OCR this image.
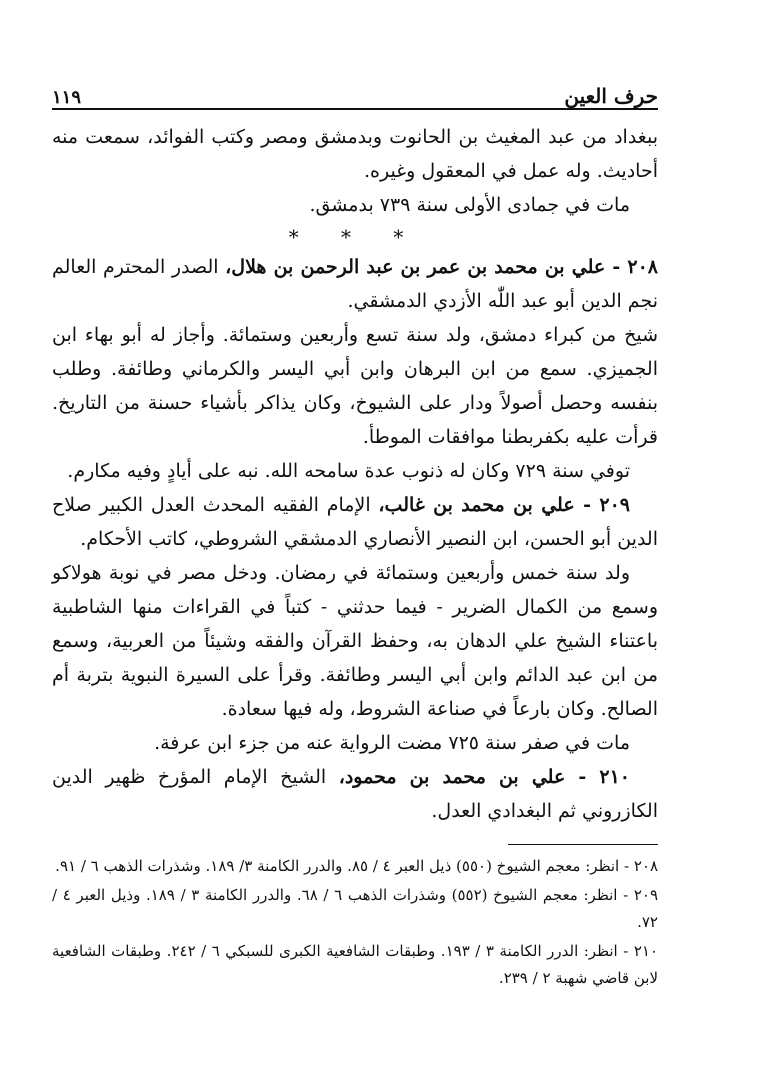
حرف العين
١١٩

ببغداد من عبد المغيث بن الحانوت وبدمشق ومصر وكتب الفوائد، سمعت منه أحاديث. وله عمل في المعقول وغيره.

مات في جمادى الأولى سنة ٧٣٩ بدمشق.

* * *

٢٠٨ - علي بن محمد بن عمر بن عبد الرحمن بن هلال، الصدر المحترم العالم نجم الدين أبو عبد اللّٰه الأزدي الدمشقي.

شيخ من كبراء دمشق، ولد سنة تسع وأربعين وستمائة. وأجاز له أبو بهاء ابن الجميزي. سمع من ابن البرهان وابن أبي اليسر والكرماني وطائفة. وطلب بنفسه وحصل أصولاً ودار على الشيوخ، وكان يذاكر بأشياء حسنة من التاريخ. قرأت عليه بكفربطنا موافقات الموطأ.

توفي سنة ٧٢٩ وكان له ذنوب عدة سامحه الله. نبه على أيادٍ وفيه مكارم.

٢٠٩ - علي بن محمد بن غالب، الإمام الفقيه المحدث العدل الكبير صلاح الدين أبو الحسن، ابن النصير الأنصاري الدمشقي الشروطي، كاتب الأحكام.

ولد سنة خمس وأربعين وستمائة في رمضان. ودخل مصر في نوبة هولاكو وسمع من الكمال الضرير - فيما حدثني - كتباً في القراءات منها الشاطبية باعتناء الشيخ علي الدهان به، وحفظ القرآن والفقه وشيئاً من العربية، وسمع من ابن عبد الدائم وابن أبي اليسر وطائفة. وقرأ على السيرة النبوية بتربة أم الصالح. وكان بارعاً في صناعة الشروط، وله فيها سعادة.

مات في صفر سنة ٧٢٥ مضت الرواية عنه من جزء ابن عرفة.

٢١٠ - علي بن محمد بن محمود، الشيخ الإمام المؤرخ ظهير الدين الكازروني ثم البغدادي العدل.

٢٠٨ - انظر: معجم الشيوخ (٥٥٠) ذيل العبر ٤ / ٨٥. والدرر الكامنة ٣/ ١٨٩. وشذرات الذهب ٦ / ٩١.

٢٠٩ - انظر: معجم الشيوخ (٥٥٢) وشذرات الذهب ٦ / ٦٨. والدرر الكامنة ٣ / ١٨٩. وذيل العبر ٤ / ٧٢.

٢١٠ - انظر: الدرر الكامنة ٣ / ١٩٣. وطبقات الشافعية الكبرى للسبكي ٦ / ٢٤٢. وطبقات الشافعية لابن قاضي شهبة ٢ / ٢٣٩.
